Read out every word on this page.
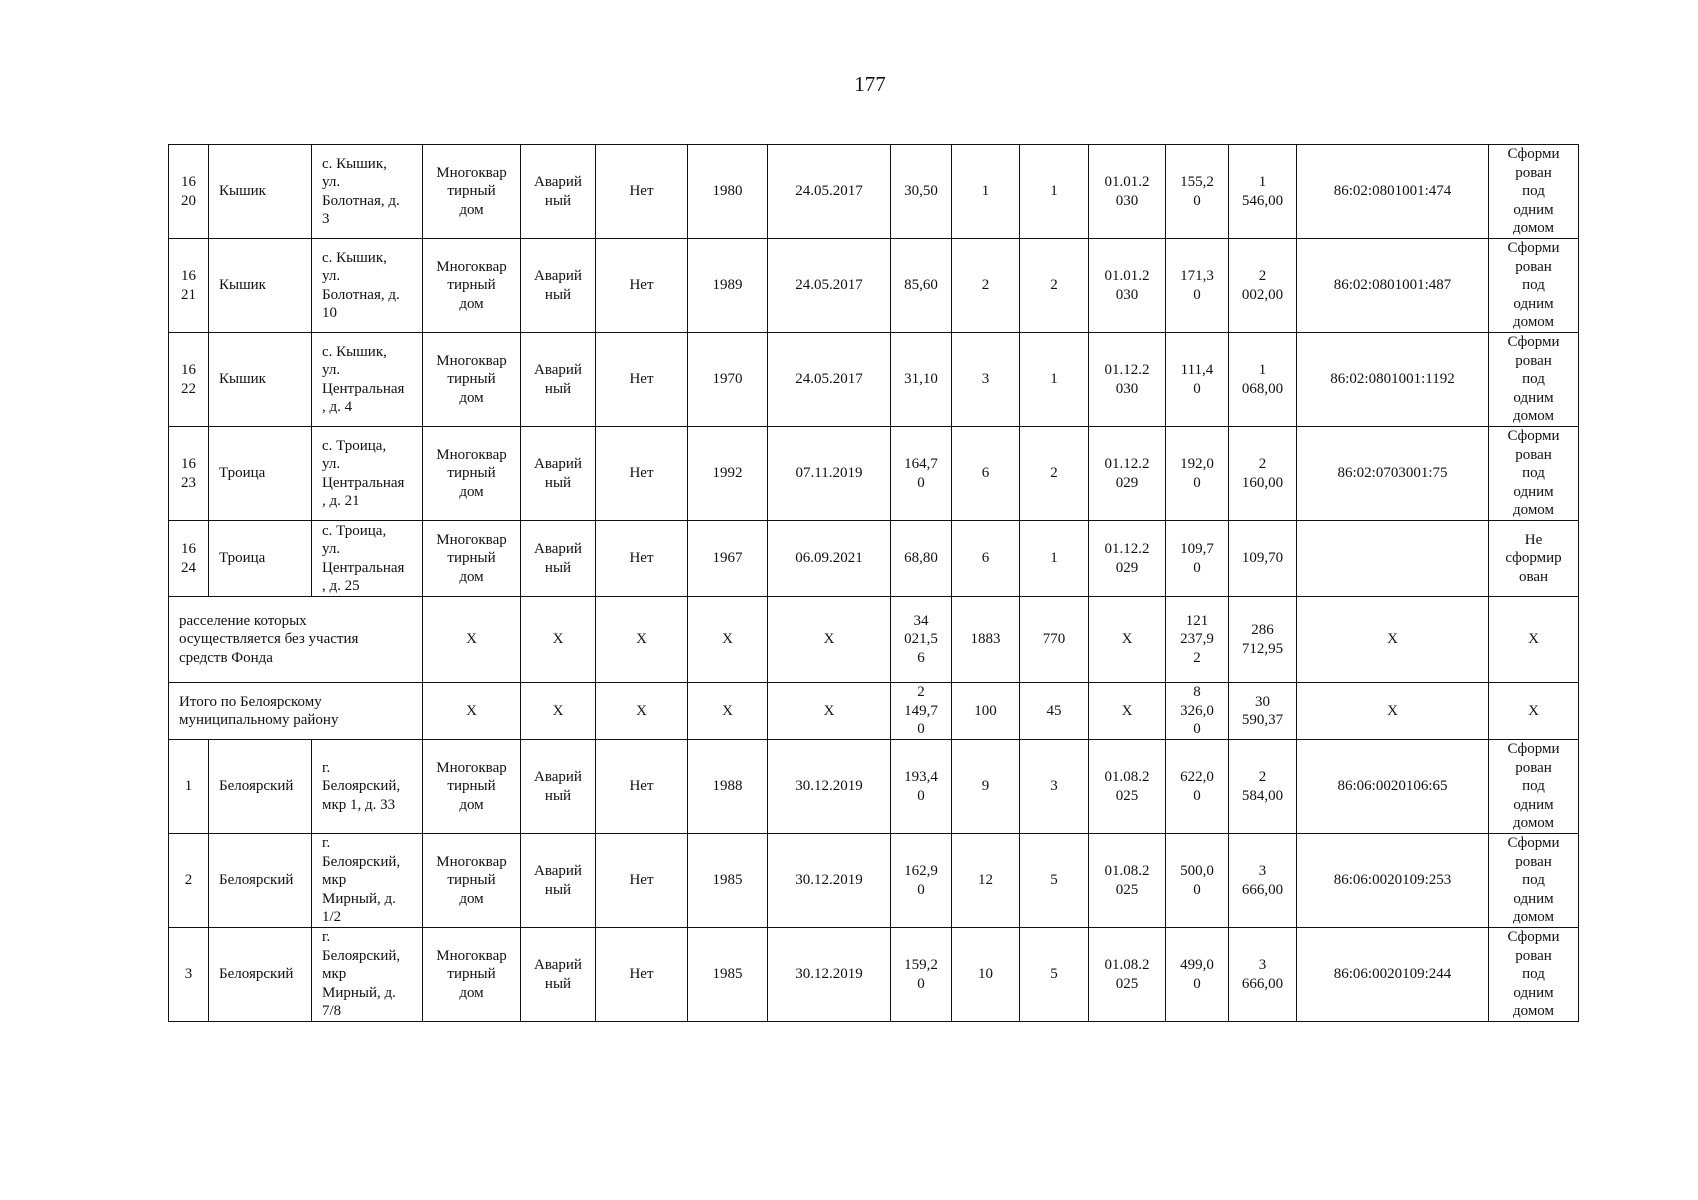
177
16
20	Кышик	с. Кышик,
ул.
Болотная, д.
3	Многоквар
тирный
дом	Аварий
ный	Нет	1980	24.05.2017	30,50	1	1	01.01.2
030	155,2
0	1
546,00	86:02:0801001:474	Сформи
рован
под
одним
домом
16
21	Кышик	с. Кышик,
ул.
Болотная, д.
10	Многоквар
тирный
дом	Аварий
ный	Нет	1989	24.05.2017	85,60	2	2	01.01.2
030	171,3
0	2
002,00	86:02:0801001:487	Сформи
рован
под
одним
домом
16
22	Кышик	с. Кышик,
ул.
Центральная
, д. 4	Многоквар
тирный
дом	Аварий
ный	Нет	1970	24.05.2017	31,10	3	1	01.12.2
030	111,4
0	1
068,00	86:02:0801001:1192	Сформи
рован
под
одним
домом
16
23	Троица	с. Троица,
ул.
Центральная
, д. 21	Многоквар
тирный
дом	Аварий
ный	Нет	1992	07.11.2019	164,7
0	6	2	01.12.2
029	192,0
0	2
160,00	86:02:0703001:75	Сформи
рован
под
одним
домом
16
24	Троица	с. Троица,
ул.
Центральная
, д. 25	Многоквар
тирный
дом	Аварий
ный	Нет	1967	06.09.2021	68,80	6	1	01.12.2
029	109,7
0	109,70		Не
сформир
ован
расселение которых
осуществляется без участия
средств Фонда			X	X	X	X	X	34
021,5
6	1883	770	X	121
237,9
2	286
712,95	X	X
Итого по Белоярскому
муниципальному району			X	X	X	X	X	2
149,7
0	100	45	X	8
326,0
0	30
590,37	X	X
1	Белоярский	г.
Белоярский,
мкр 1, д. 33	Многоквар
тирный
дом	Аварий
ный	Нет	1988	30.12.2019	193,4
0	9	3	01.08.2
025	622,0
0	2
584,00	86:06:0020106:65	Сформи
рован
под
одним
домом
2	Белоярский	г.
Белоярский,
мкр
Мирный, д.
1/2	Многоквар
тирный
дом	Аварий
ный	Нет	1985	30.12.2019	162,9
0	12	5	01.08.2
025	500,0
0	3
666,00	86:06:0020109:253	Сформи
рован
под
одним
домом
3	Белоярский	г.
Белоярский,
мкр
Мирный, д.
7/8	Многоквар
тирный
дом	Аварий
ный	Нет	1985	30.12.2019	159,2
0	10	5	01.08.2
025	499,0
0	3
666,00	86:06:0020109:244	Сформи
рован
под
одним
домом
